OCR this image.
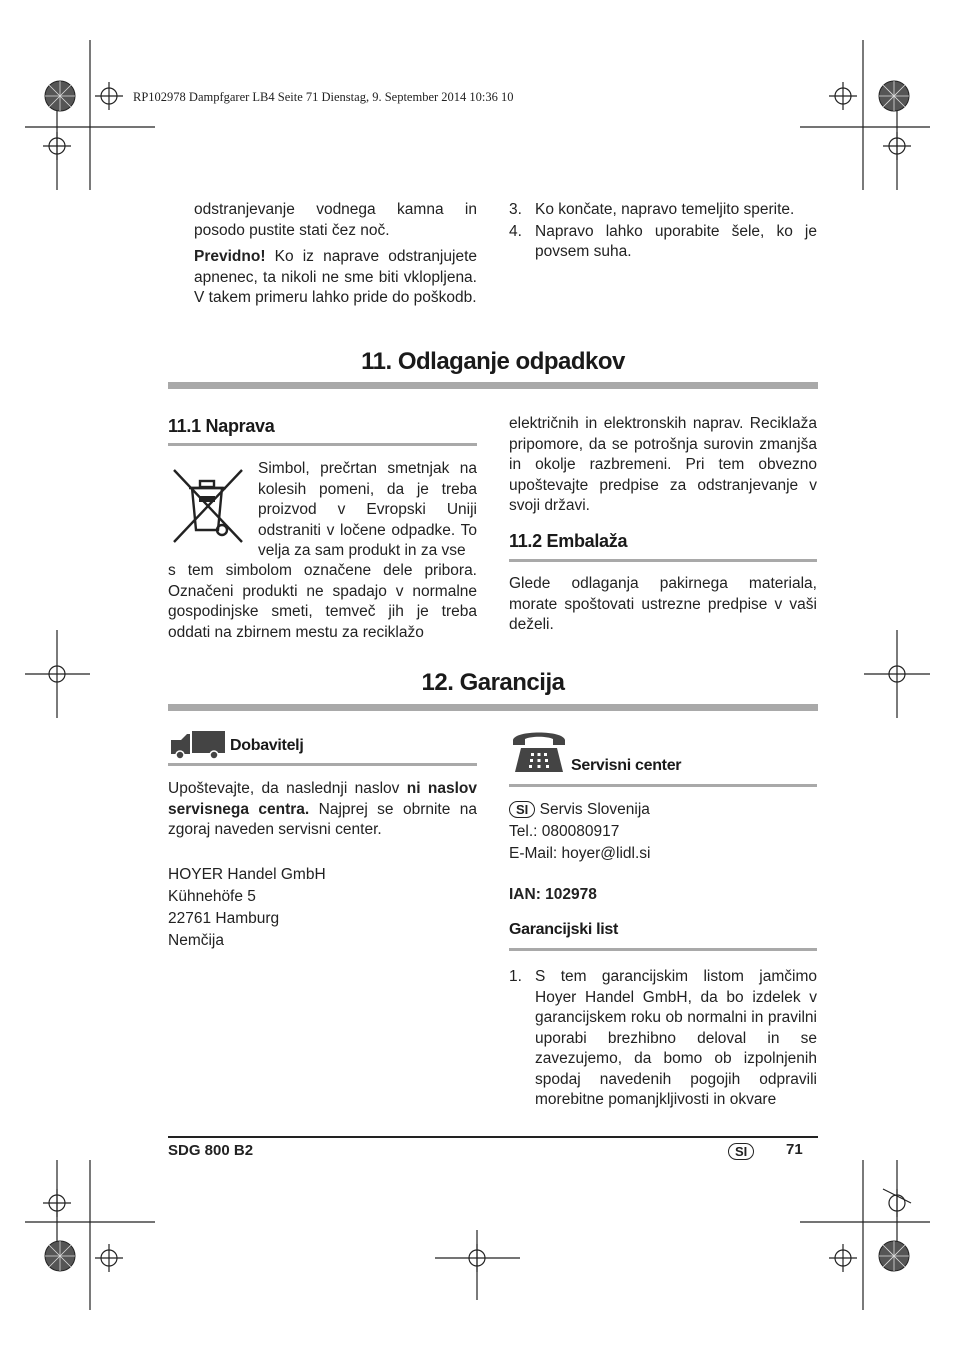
RP102978 Dampfgarer LB4 Seite 71 Dienstag, 9. September 2014 10:36 10

odstranjevanje vodnega kamna in posodo pustite stati čez noč.

Previdno! Ko iz naprave odstranjujete apnenec, ta nikoli ne sme biti vklopljena. V takem primeru lahko pride do poškodb.

3. Ko končate, napravo temeljito sperite.
4. Napravo lahko uporabite šele, ko je povsem suha.
11. Odlaganje odpadkov
11.1 Naprava
Simbol, prečrtan smetnjak na kolesih pomeni, da je treba proizvod v Evropski Uniji odstraniti v ločene odpadke. To velja za sam produkt in za vse
s tem simbolom označene dele pribora. Označeni produkti ne spadajo v normalne gospodinjske smeti, temveč jih je treba oddati na zbirnem mestu za reciklažo
električnih in elektronskih naprav. Reciklaža pripomore, da se potrošnja surovin zmanjša in okolje razbremeni. Pri tem obvezno upoštevajte predpise za odstranjevanje v svoji državi.
11.2 Embalaža
Glede odlaganja pakirnega materiala, morate spoštovati ustrezne predpise v vaši deželi.
12. Garancija
Dobavitelj
Upoštevajte, da naslednji naslov ni naslov servisnega centra. Najprej se obrnite na zgoraj naveden servisni center.
HOYER Handel GmbH
Kühnehöfe 5
22761 Hamburg
Nemčija
Servisni center
SI Servis Slovenija
Tel.: 080080917
E-Mail: hoyer@lidl.si
IAN: 102978
Garancijski list
1. S tem garancijskim listom jamčimo Hoyer Handel GmbH, da bo izdelek v garancijskem roku ob normalni in pravilni uporabi brezhibno deloval in se zavezujemo, da bomo ob izpolnjenih spodaj navedenih pogojih odpravili morebitne pomanjkljivosti in okvare
SDG 800 B2	SI	71
